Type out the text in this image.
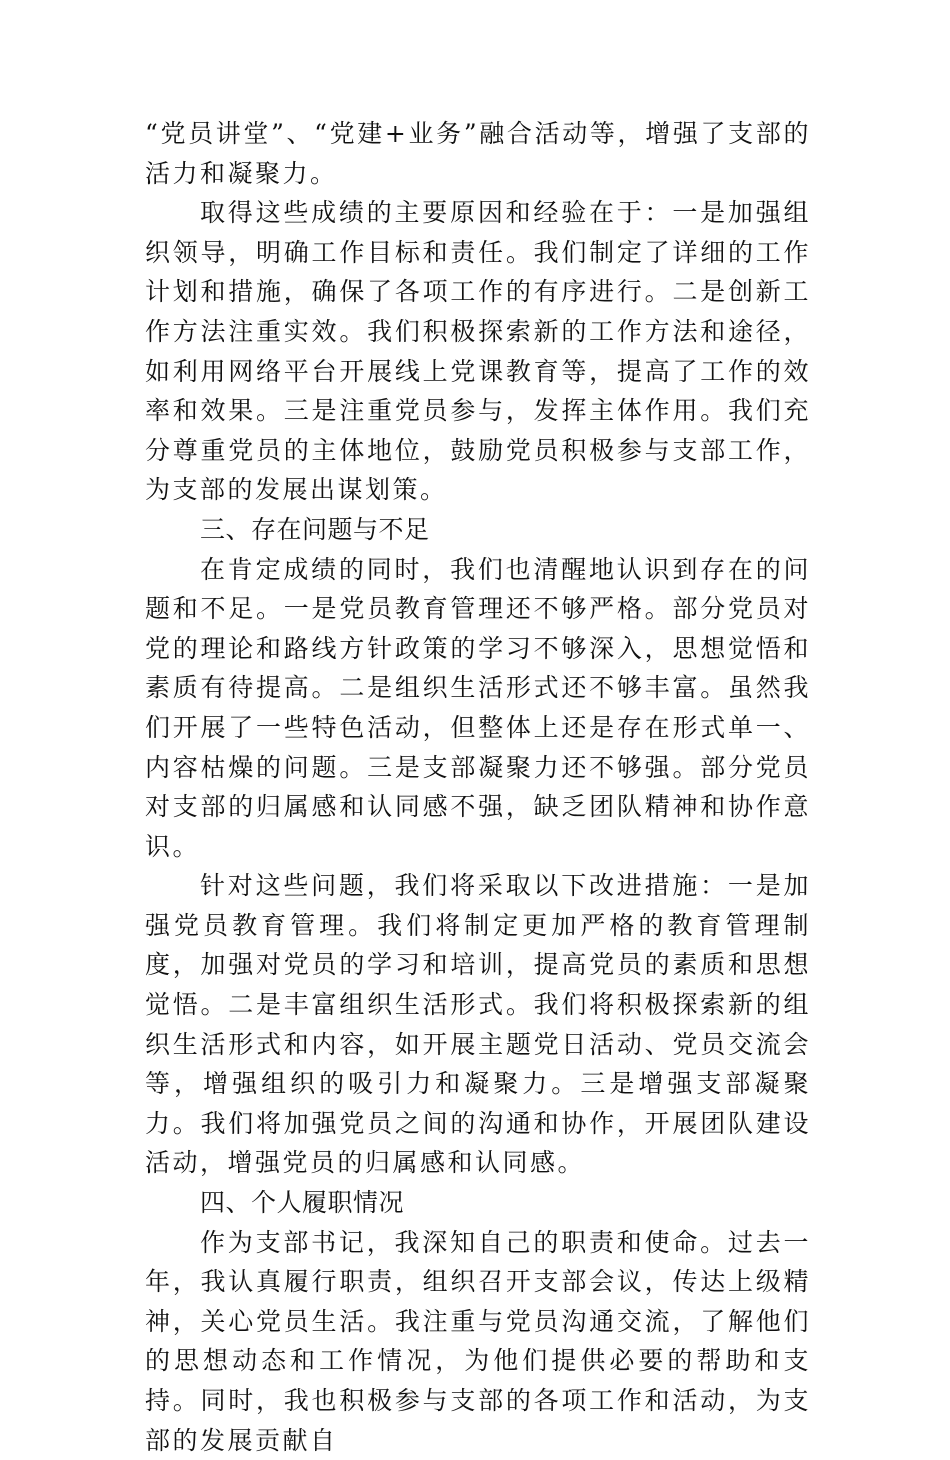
“党员讲堂”、“党建+业务”融合活动等，增强了支部的活力和凝聚力。

取得这些成绩的主要原因和经验在于：一是加强组织领导，明确工作目标和责任。我们制定了详细的工作计划和措施，确保了各项工作的有序进行。二是创新工作方法注重实效。我们积极探索新的工作方法和途径，如利用网络平台开展线上党课教育等，提高了工作的效率和效果。三是注重党员参与，发挥主体作用。我们充分尊重党员的主体地位，鼓励党员积极参与支部工作，为支部的发展出谋划策。

三、存在问题与不足

在肯定成绩的同时，我们也清醒地认识到存在的问题和不足。一是党员教育管理还不够严格。部分党员对党的理论和路线方针政策的学习不够深入，思想觉悟和素质有待提高。二是组织生活形式还不够丰富。虽然我们开展了一些特色活动，但整体上还是存在形式单一、内容枯燥的问题。三是支部凝聚力还不够强。部分党员对支部的归属感和认同感不强，缺乏团队精神和协作意识。

针对这些问题，我们将采取以下改进措施：一是加强党员教育管理。我们将制定更加严格的教育管理制度，加强对党员的学习和培训，提高党员的素质和思想觉悟。二是丰富组织生活形式。我们将积极探索新的组织生活形式和内容，如开展主题党日活动、党员交流会等，增强组织的吸引力和凝聚力。三是增强支部凝聚力。我们将加强党员之间的沟通和协作，开展团队建设活动，增强党员的归属感和认同感。

四、个人履职情况

作为支部书记，我深知自己的职责和使命。过去一年，我认真履行职责，组织召开支部会议，传达上级精神，关心党员生活。我注重与党员沟通交流，了解他们的思想动态和工作情况，为他们提供必要的帮助和支持。同时，我也积极参与支部的各项工作和活动，为支部的发展贡献自
